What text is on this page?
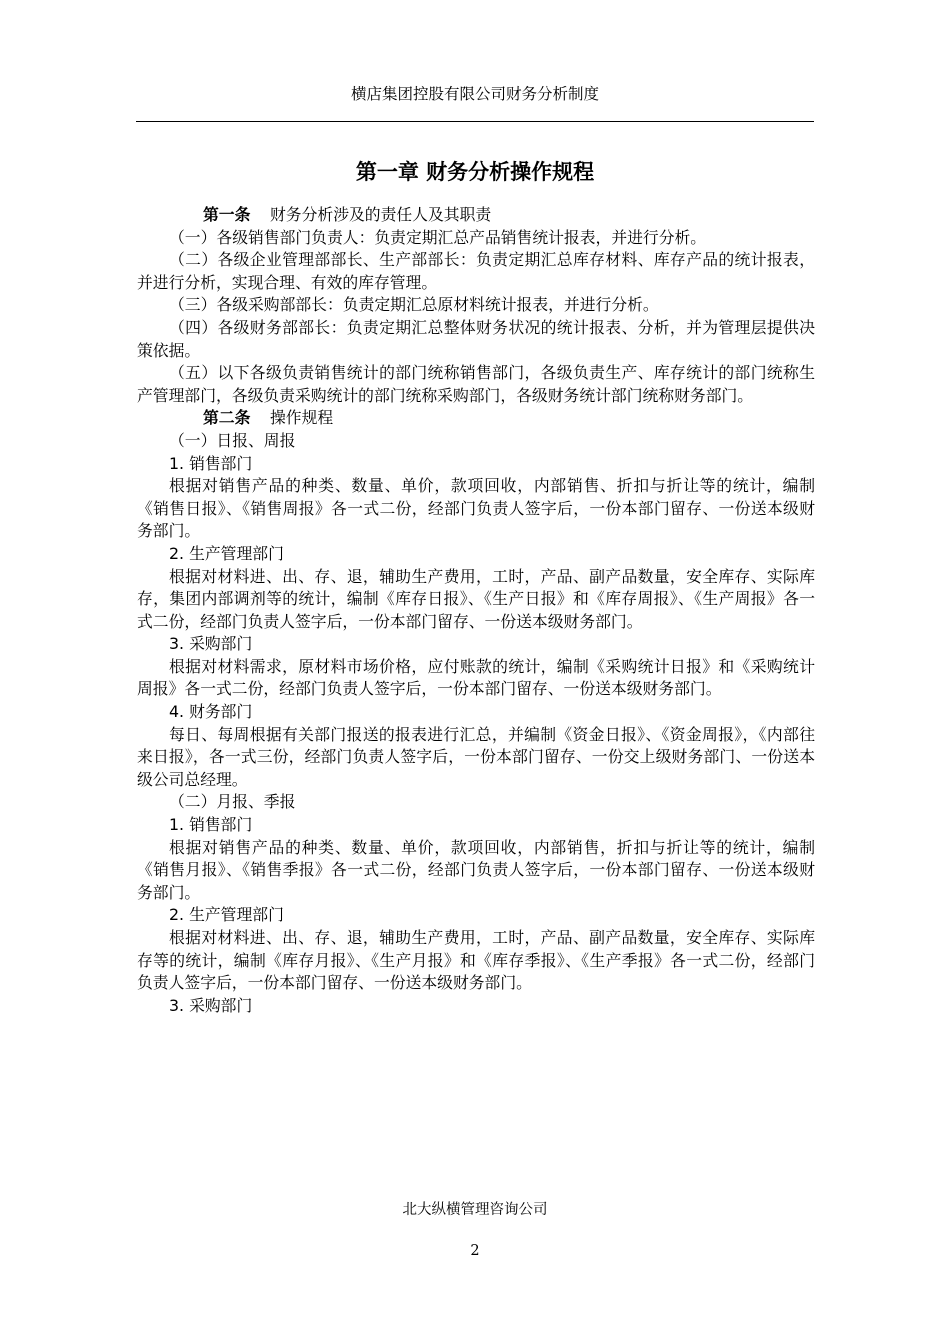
横店集团控股有限公司财务分析制度
第一章 财务分析操作规程

第一条 财务分析涉及的责任人及其职责

（一）各级销售部门负责人：负责定期汇总产品销售统计报表，并进行分析。

（二）各级企业管理部部长、生产部部长：负责定期汇总库存材料、库存产品的统计报表，并进行分析，实现合理、有效的库存管理。

（三）各级采购部部长：负责定期汇总原材料统计报表，并进行分析。

（四）各级财务部部长：负责定期汇总整体财务状况的统计报表、分析，并为管理层提供决策依据。

（五）以下各级负责销售统计的部门统称销售部门，各级负责生产、库存统计的部门统称生产管理部门，各级负责采购统计的部门统称采购部门，各级财务统计部门统称财务部门。

第二条 操作规程

（一）日报、周报

1. 销售部门

根据对销售产品的种类、数量、单价，款项回收，内部销售、折扣与折让等的统计，编制《销售日报》、《销售周报》各一式二份，经部门负责人签字后，一份本部门留存、一份送本级财务部门。

2. 生产管理部门

根据对材料进、出、存、退，辅助生产费用，工时，产品、副产品数量，安全库存、实际库存，集团内部调剂等的统计，编制《库存日报》、《生产日报》和《库存周报》、《生产周报》各一式二份，经部门负责人签字后，一份本部门留存、一份送本级财务部门。

3. 采购部门

根据对材料需求，原材料市场价格，应付账款的统计，编制《采购统计日报》和《采购统计周报》各一式二份，经部门负责人签字后，一份本部门留存、一份送本级财务部门。

4. 财务部门

每日、每周根据有关部门报送的报表进行汇总，并编制《资金日报》、《资金周报》，《内部往来日报》，各一式三份，经部门负责人签字后，一份本部门留存、一份交上级财务部门、一份送本级公司总经理。

（二）月报、季报

1. 销售部门

根据对销售产品的种类、数量、单价，款项回收，内部销售，折扣与折让等的统计，编制《销售月报》、《销售季报》各一式二份，经部门负责人签字后，一份本部门留存、一份送本级财务部门。

2. 生产管理部门

根据对材料进、出、存、退，辅助生产费用，工时，产品、副产品数量，安全库存、实际库存等的统计，编制《库存月报》、《生产月报》和《库存季报》、《生产季报》各一式二份，经部门负责人签字后，一份本部门留存、一份送本级财务部门。

3. 采购部门

北大纵横管理咨询公司
2
